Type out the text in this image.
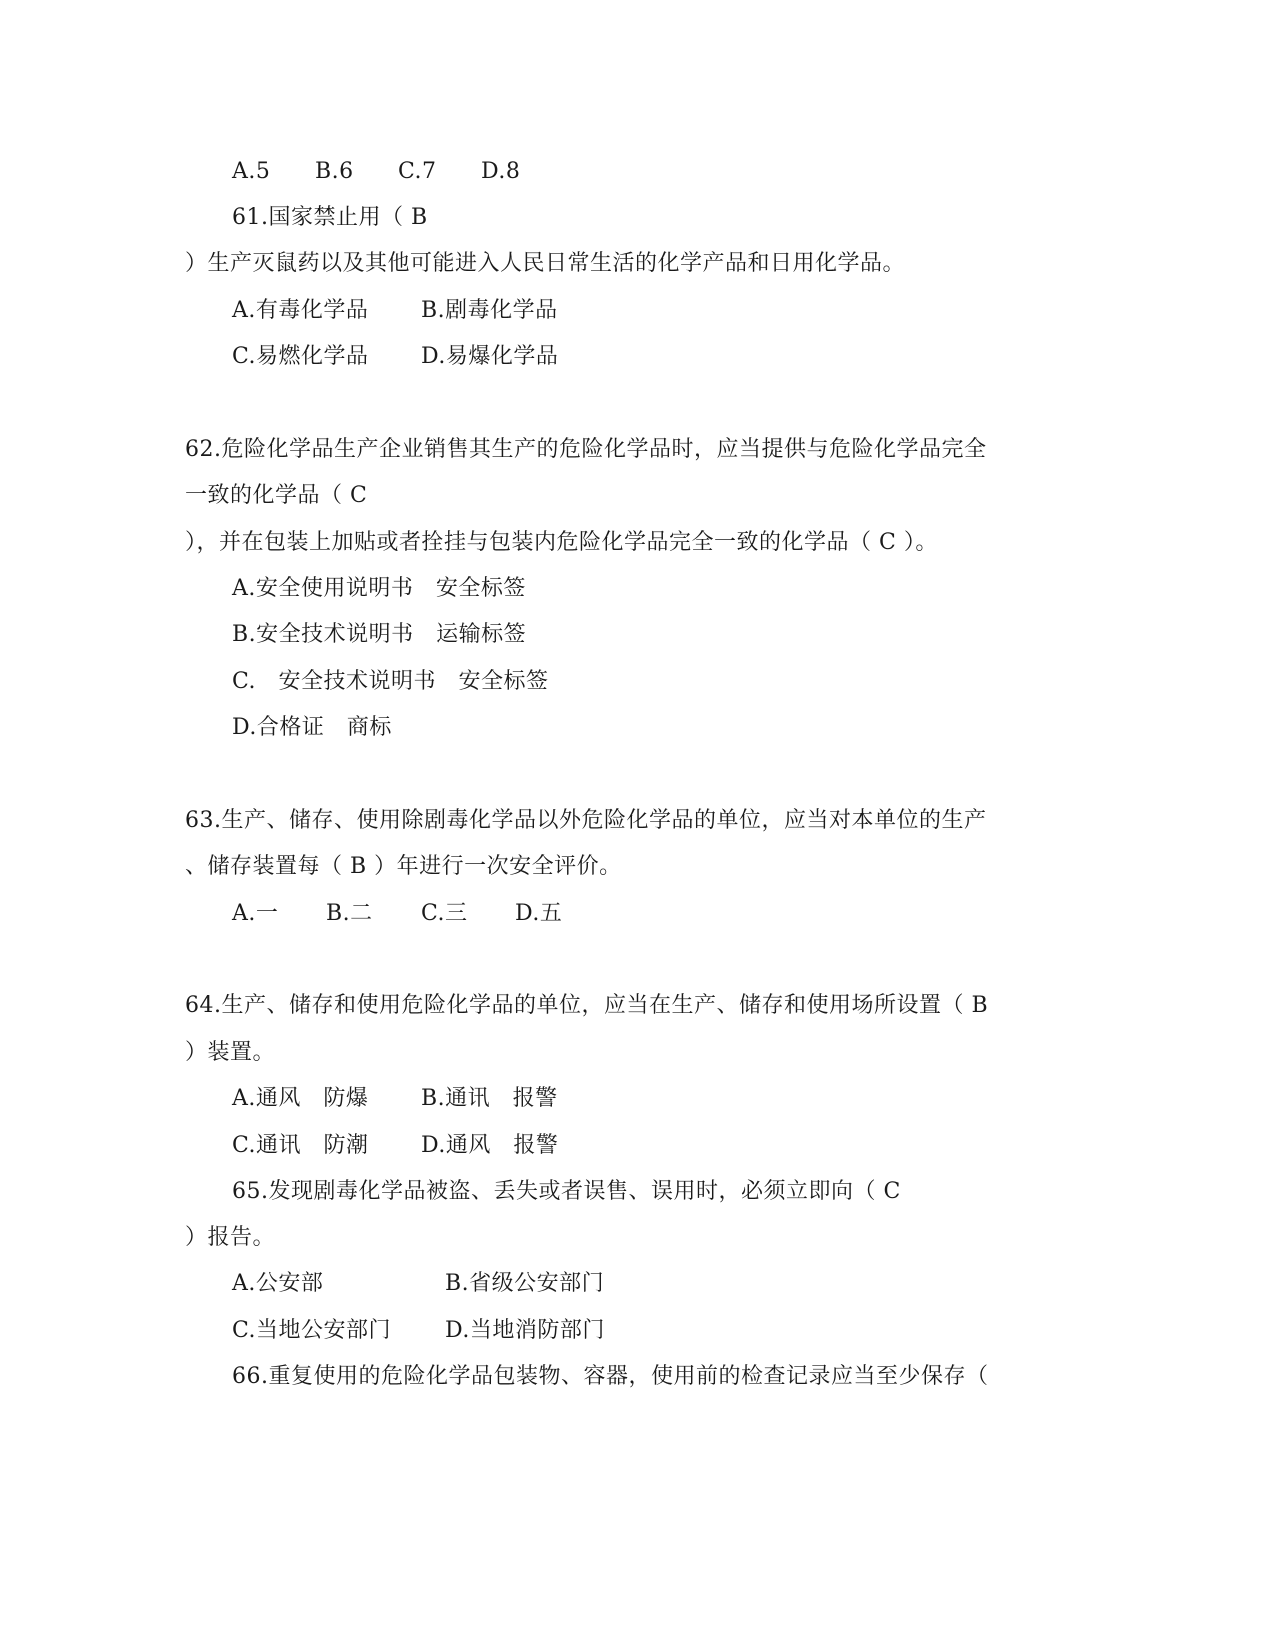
A.5 B.6 C.7 D.8
61.国家禁止用（ B
）生产灭鼠药以及其他可能进入人民日常生活的化学产品和日用化学品。
A.有毒化学品 B.剧毒化学品
C.易燃化学品 D.易爆化学品
62.危险化学品生产企业销售其生产的危险化学品时，应当提供与危险化学品完全
一致的化学品（ C
），并在包装上加贴或者拴挂与包装内危险化学品完全一致的化学品（ C ）。
A.安全使用说明书　安全标签
B.安全技术说明书　运输标签
C.　安全技术说明书　安全标签
D.合格证　商标
63.生产、储存、使用除剧毒化学品以外危险化学品的单位，应当对本单位的生产
、储存装置每（ B ）年进行一次安全评价。
A.一 B.二 C.三 D.五
64.生产、储存和使用危险化学品的单位，应当在生产、储存和使用场所设置（ B
）装置。
A.通风　防爆 B.通讯　报警
C.通讯　防潮 D.通风　报警
65.发现剧毒化学品被盗、丢失或者误售、误用时，必须立即向（ C
）报告。
A.公安部	B.省级公安部门
C.当地公安部门 D.当地消防部门
66.重复使用的危险化学品包装物、容器，使用前的检查记录应当至少保存（
